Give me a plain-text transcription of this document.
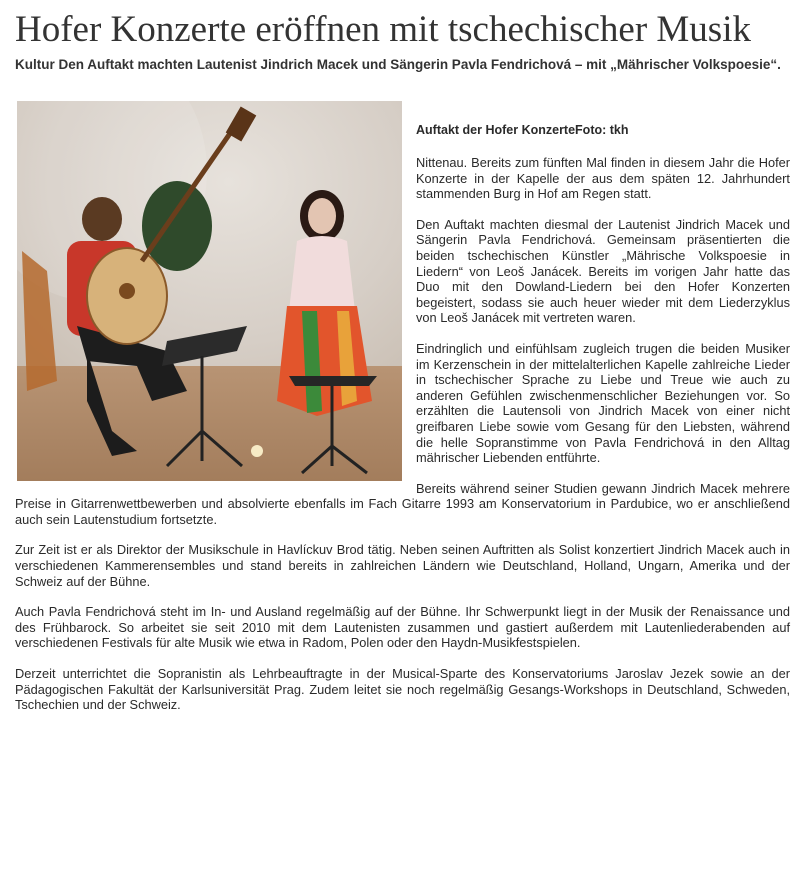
Hofer Konzerte eröffnen mit tschechischer Musik
Kultur Den Auftakt machten Lautenist Jindrich Macek und Sängerin Pavla Fendrichová – mit „Mährischer Volkspoesie“.
Auftakt der Hofer KonzerteFoto: tkh

Nittenau. Bereits zum fünften Mal finden in diesem Jahr die Hofer Konzerte in der Kapelle der aus dem späten 12. Jahrhundert stammenden Burg in Hof am Regen statt.

Den Auftakt machten diesmal der Lautenist Jindrich Macek und Sängerin Pavla Fendrichová. Gemeinsam präsentierten die beiden tschechischen Künstler „Mährische Volkspoesie in Liedern“ von Leoš Janácek. Bereits im vorigen Jahr hatte das Duo mit den Dowland-Liedern bei den Hofer Konzerten begeistert, sodass sie auch heuer wieder mit dem Liederzyklus von Leoš Janácek mit vertreten waren.

Eindringlich und einfühlsam zugleich trugen die beiden Musiker im Kerzenschein in der mittelalterlichen Kapelle zahlreiche Lieder in tschechischer Sprache zu Liebe und Treue wie auch zu anderen Gefühlen zwischenmenschlicher Beziehungen vor. So erzählten die Lautensoli von Jindrich Macek von einer nicht greifbaren Liebe sowie vom Gesang für den Liebsten, während die helle Sopranstimme von Pavla Fendrichová in den Alltag mährischer Liebenden entführte.

Bereits während seiner Studien gewann Jindrich Macek mehrere Preise in Gitarrenwettbewerben und absolvierte ebenfalls im Fach Gitarre 1993 am Konservatorium in Pardubice, wo er anschließend auch sein Lautenstudium fortsetzte.

Zur Zeit ist er als Direktor der Musikschule in Havlíckuv Brod tätig. Neben seinen Auftritten als Solist konzertiert Jindrich Macek auch in verschiedenen Kammerensembles und stand bereits in zahlreichen Ländern wie Deutschland, Holland, Ungarn, Amerika und der Schweiz auf der Bühne.

Auch Pavla Fendrichová steht im In- und Ausland regelmäßig auf der Bühne. Ihr Schwerpunkt liegt in der Musik der Renaissance und des Frühbarock. So arbeitet sie seit 2010 mit dem Lautenisten zusammen und gastiert außerdem mit Lautenliederabenden auf verschiedenen Festivals für alte Musik wie etwa in Radom, Polen oder den Haydn-Musikfestspielen.

Derzeit unterrichtet die Sopranistin als Lehrbeauftragte in der Musical-Sparte des Konservatoriums Jaroslav Jezek sowie an der Pädagogischen Fakultät der Karlsuniversität Prag. Zudem leitet sie noch regelmäßig Gesangs-Workshops in Deutschland, Schweden, Tschechien und der Schweiz.
